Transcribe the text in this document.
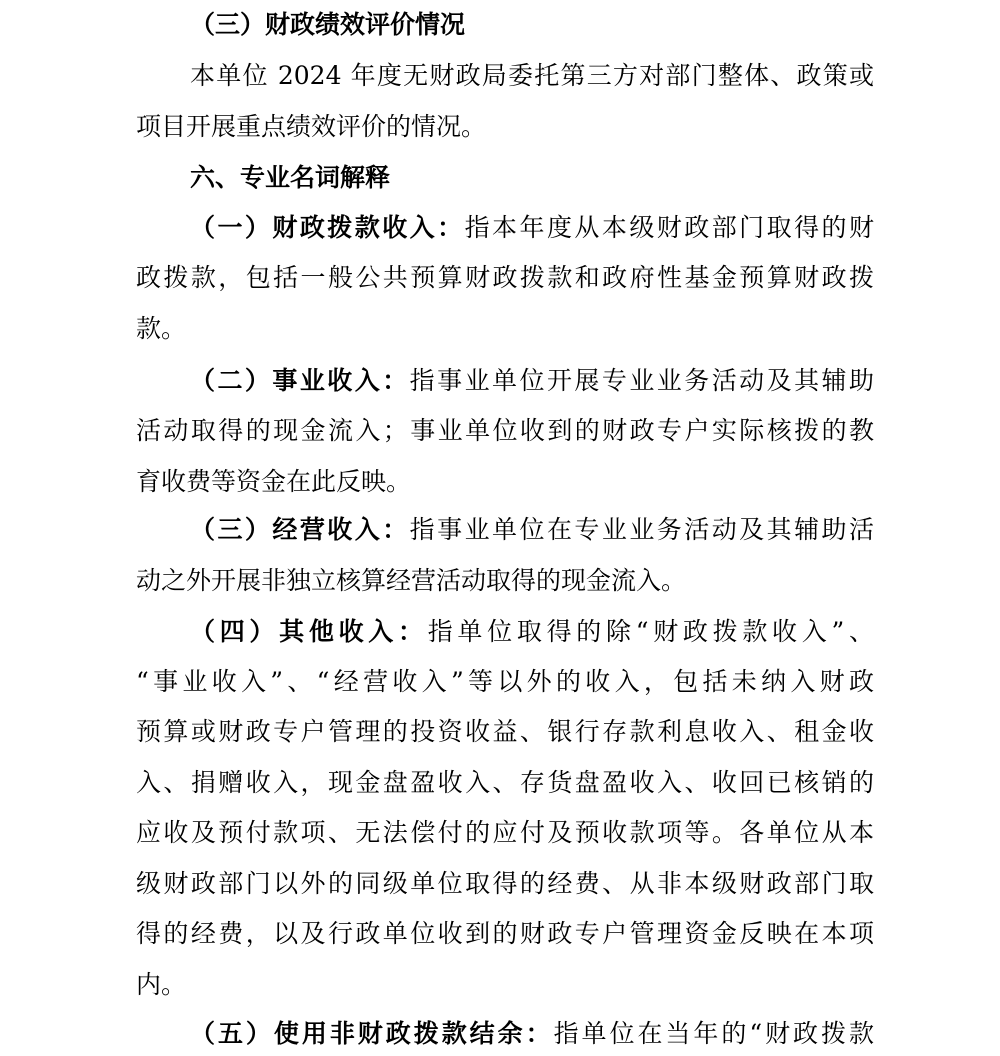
（三）财政绩效评价情况
本单位 2024 年度无财政局委托第三方对部门整体、政策或
项目开展重点绩效评价的情况。
六、专业名词解释
（一）财政拨款收入：指本年度从本级财政部门取得的财
政拨款，包括一般公共预算财政拨款和政府性基金预算财政拨
款。
（二）事业收入：指事业单位开展专业业务活动及其辅助
活动取得的现金流入；事业单位收到的财政专户实际核拨的教
育收费等资金在此反映。
（三）经营收入：指事业单位在专业业务活动及其辅助活
动之外开展非独立核算经营活动取得的现金流入。
（四）其他收入：指单位取得的除“财政拨款收入”、
“事业收入”、“经营收入”等以外的收入，包括未纳入财政
预算或财政专户管理的投资收益、银行存款利息收入、租金收
入、捐赠收入，现金盘盈收入、存货盘盈收入、收回已核销的
应收及预付款项、无法偿付的应付及预收款项等。各单位从本
级财政部门以外的同级单位取得的经费、从非本级财政部门取
得的经费，以及行政单位收到的财政专户管理资金反映在本项
内。
（五）使用非财政拨款结余：指单位在当年的“财政拨款
